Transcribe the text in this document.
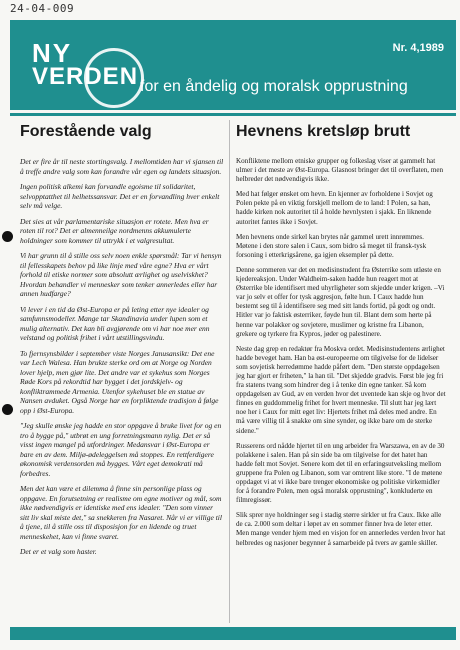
24-04-009
NY
VERDEN
Nr. 4,1989
for en åndelig og moralsk opprustning
Forestående valg

Det er fire år til neste stortingsvalg. I mellomtiden har vi sjansen til å treffe andre valg som kan forandre vår egen og landets situasjon.

Ingen politisk alkemi kan forvandle egoisme til solidaritet, selvopptatthet til helhetssansvar. Det er en forvandling hver enkelt selv må velge.

Det sies at vår parlamentariske situasjon er rotete. Men hva er roten til rot? Det er almenneilge nordmenns akkumulerte holdninger som kommer til uttrykk i et valgresultat.

Vi har grunn til å stille oss selv noen enkle spørsmål: Tar vi hensyn til fellesskapets behov på like linje med våre egne? Hva er vårt forhold til etiske normer som absolutt ærlighet og uselviskhet? Hvordan behandler vi mennesker som tenker annerledes eller har annen hudfarge?

Vi lever i en tid da Øst-Europa er på leting etter nye idealer og samfunnsmodeller. Mange tar Skandinavia under lupen som et mulig alternativ. Det kan bli avgjørende om vi har noe mer enn velstand og politisk frihet i vårt utstillingsvindu.

To fjernsynsbilder i september viste Norges Janusansikt: Det ene var Lech Walesa. Han brukte sterke ord om at Norge og Norden lover hjelp, men gjør lite. Det andre var et sykehus som Norges Røde Kors på rekordtid har bygget i det jordskjelv- og konfliktrammede Armenia. Utenfor sykehuset ble en statue av Nansen avduket. Også Norge har en forpliktende tradisjon å følge opp i Øst-Europa.

"Jeg skulle ønske jeg hadde en stor oppgave å bruke livet for og en tro å bygge på," utbrøt en ung forretningsmann nylig. Det er så visst ingen mangel på utfordringer. Medansvar i Øst-Europa er bare en av dem. Miljø-ødeleggelsen må stoppes. En rettferdigere økonomisk verdensorden må bygges. Vårt eget demokrati må forbedres.

Men det kan være et dilemma å finne sin personlige plass og oppgave. En forutsetning er realisme om egne motiver og mål, som ikke nødvendigvis er identiske med ens idealer. "Den som vinner sitt liv skal miste det," sa snekkeren fra Nasaret. Når vi er villige til å tjene, til å stille oss til disposisjon for en lidende og truet menneskehet, kan vi finne svaret.

Det er et valg som haster.

Hevnens kretsløp brutt

Konfliktene mellom etniske grupper og folkeslag viser at gammelt hat ulmer i det meste av Øst-Europa. Glasnost bringer det til overflaten, men helbreder det nødvendigvis ikke.

Med hat følger ønsket om hevn. En kjenner av forholdene i Sovjet og Polen pekte på en viktig forskjell mellom de to land: I Polen, sa han, hadde kirken nok autoritet til å holde hevnlysten i sjakk. En liknende autoritet fantes ikke i Sovjet.

Men hevnens onde sirkel kan brytes når gammel urett innrømmes. Møtene i den store salen i Caux, som bidro så meget til fransk-tysk forsoning i etterkrigsårene, ga igjen eksempler på dette.

Denne sommeren var det en medisinstudent fra Østerrike som utløste en kjedereaksjon. Under Waldheim-saken hadde hun reagert mot at Østerrike ble identifisert med uhyrligheter som skjedde under krigen. –Vi var jo selv et offer for tysk aggresjon, følte hun. I Caux hadde hun bestemt seg til å identifisere seg med sitt lands fortid, på godt og ondt. Hitler var jo faktisk østerriker, føyde hun til. Blant dem som hørte på henne var polakker og sovjetere, muslimer og kristne fra Libanon, grekere og tyrkere fra Kypros, jøder og palestinere.

Neste dag grep en redaktør fra Moskva ordet. Medisinstudentens ærlighet hadde beveget ham. Han ba øst-europeerne om tilgivelse for de lidelser som sovjetisk herredømme hadde påført dem. "Den største oppdagelsen jeg har gjort er friheten," la han til. "Det skjedde gradvis. Først ble jeg fri fra statens tvang som hindrer deg i å tenke din egne tanker. Så kom oppdagelsen av Gud, av en verden hvor det uventede kan skje og hvor det finnes en guddommelig frihet for hvert menneske. Til slutt har jeg lært noe her i Caux for mitt eget liv: Hjertets frihet må deles med andre. En må være villig til å snakke om sine synder, og ikke bare om de sterke sidene."

Russerens ord nådde hjertet til en ung arbeider fra Warszawa, en av de 30 polakkene i salen. Han på sin side ba om tilgivelse for det hatet han hadde følt mot Sovjet. Senere kom det til en erfaringsutveksling mellom gruppene fra Polen og Libanon, som var omtrent like store. "I de møtene oppdaget vi at vi ikke bare trenger økonomiske og politiske virkemidler for å forandre Polen, men også moralsk opprustning", konkluderte en filmregissør.

Slik sprer nye holdninger seg i stadig større sirkler ut fra Caux. Ikke alle de ca. 2.000 som deltar i løpet av en sommer finner hva de leter etter. Men mange vender hjem med en visjon for en annerledes verden hvor hat helbredes og nasjoner begynner å samarbeide på tvers av gamle skiller.
